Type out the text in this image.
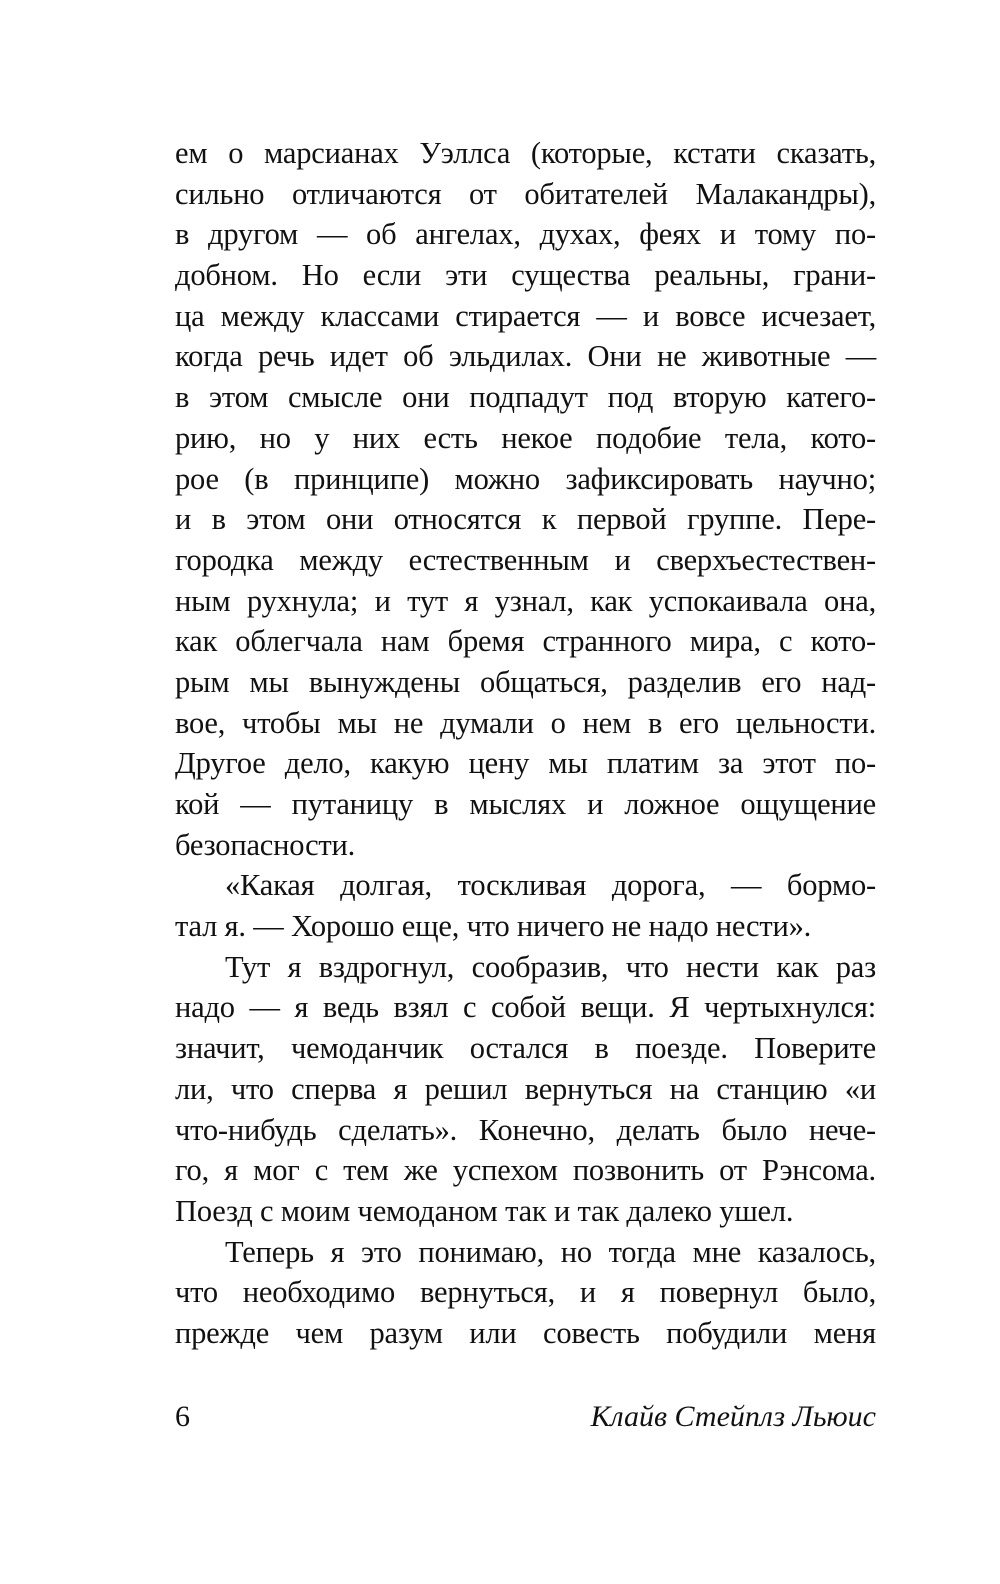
ем о марсианах Уэллса (которые, кстати сказать,
сильно отличаются от обитателей Малакандры),
в другом — об ангелах, духах, феях и тому по-
добном. Но если эти существа реальны, грани-
ца между классами стирается — и вовсе исчезает,
когда речь идет об эльдилах. Они не животные —
в этом смысле они подпадут под вторую катего-
рию, но у них есть некое подобие тела, кото-
рое (в принципе) можно зафиксировать научно;
и в этом они относятся к первой группе. Пере-
городка между естественным и сверхъестествен-
ным рухнула; и тут я узнал, как успокаивала она,
как облегчала нам бремя странного мира, с кото-
рым мы вынуждены общаться, разделив его над-
вое, чтобы мы не думали о нем в его цельности.
Другое дело, какую цену мы платим за этот по-
кой — путаницу в мыслях и ложное ощущение
безопасности.
«Какая долгая, тоскливая дорога, — бормо-
тал я. — Хорошо еще, что ничего не надо нести».
Тут я вздрогнул, сообразив, что нести как раз
надо — я ведь взял с собой вещи. Я чертыхнулся:
значит, чемоданчик остался в поезде. Поверите
ли, что сперва я решил вернуться на станцию «и
что-нибудь сделать». Конечно, делать было нече-
го, я мог с тем же успехом позвонить от Рэнсома.
Поезд с моим чемоданом так и так далеко ушел.
Теперь я это понимаю, но тогда мне казалось,
что необходимо вернуться, и я повернул было,
прежде чем разум или совесть побудили меня
6	Клайв Стейплз Льюис
